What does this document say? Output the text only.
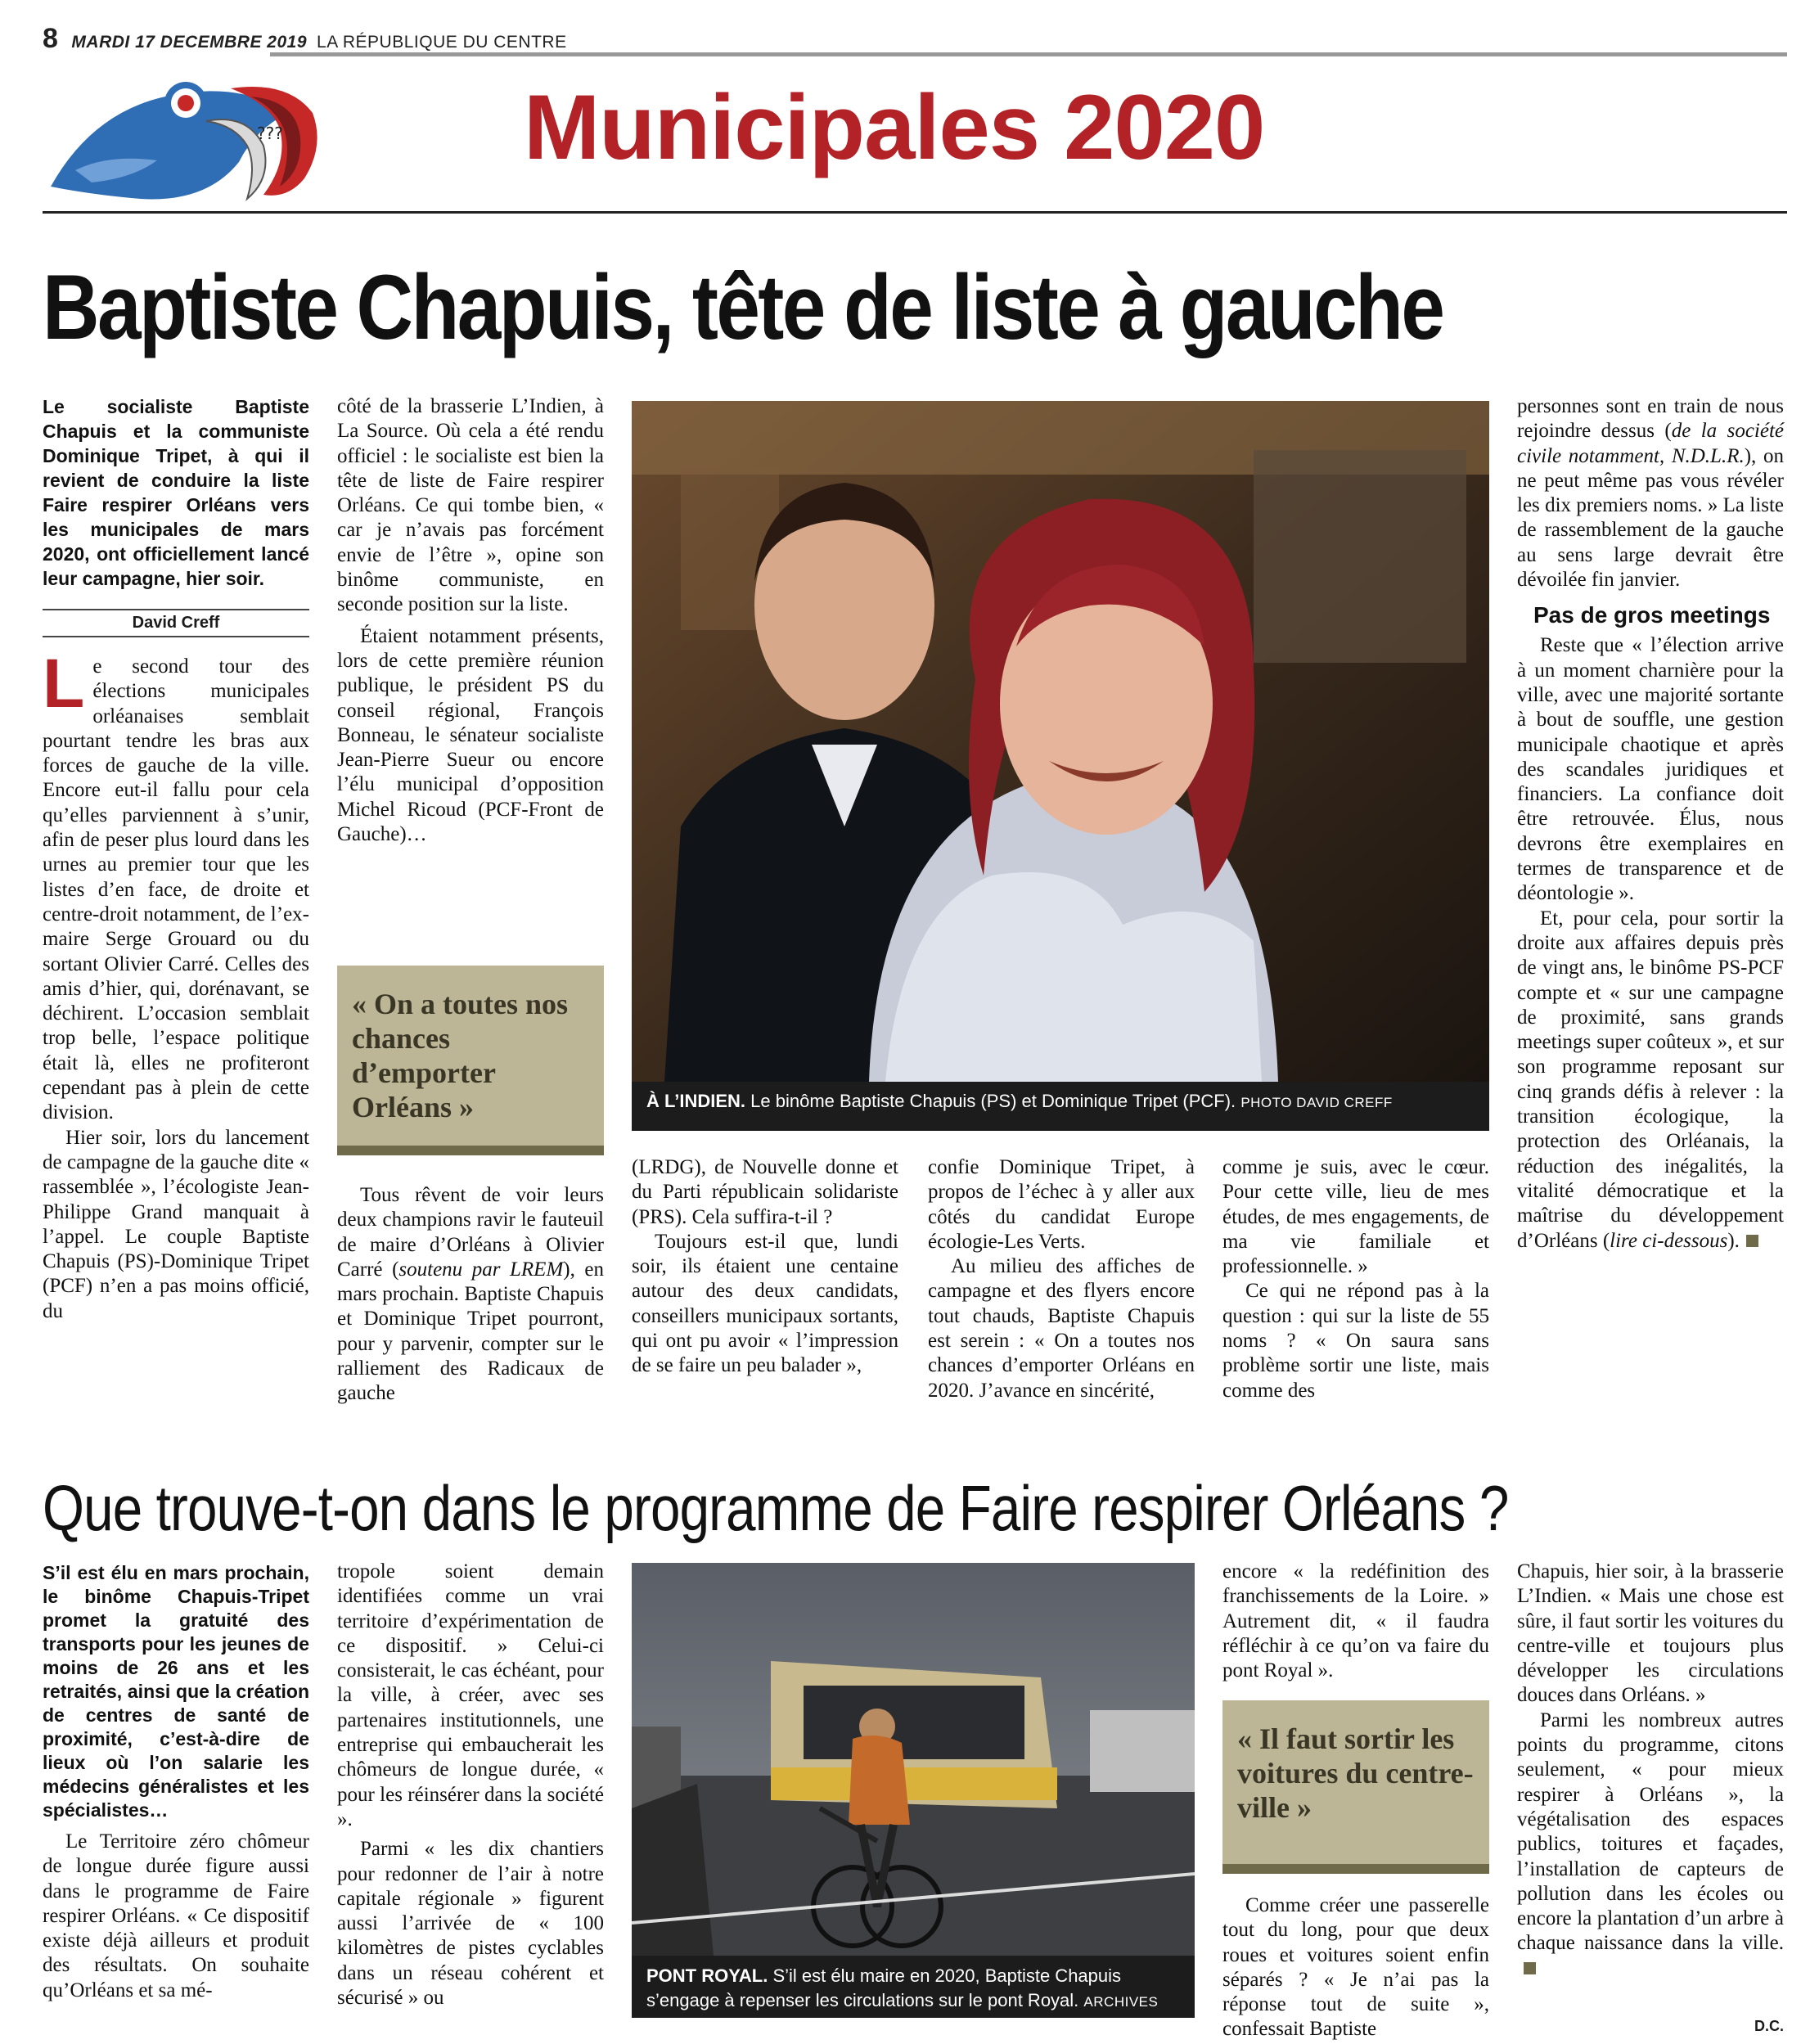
8 MARDI 17 DECEMBRE 2019 LA RÉPUBLIQUE DU CENTRE
???	Municipales 2020
Baptiste Chapuis, tête de liste à gauche
Le socialiste Baptiste Chapuis et la communiste Dominique Tripet, à qui il revient de conduire la liste Faire respirer Orléans vers les municipales de mars 2020, ont officiellement lancé leur campagne, hier soir.
David Creff

Le second tour des élections municipales orléanaises semblait pourtant tendre les bras aux forces de gauche de la ville. Encore eut-il fallu pour cela qu’elles parviennent à s’unir, afin de peser plus lourd dans les urnes au premier tour que les listes d’en face, de droite et centre-droit notamment, de l’ex-maire Serge Grouard ou du sortant Olivier Carré. Celles des amis d’hier, qui, dorénavant, se déchirent. L’occasion semblait trop belle, l’espace politique était là, elles ne profiteront cependant pas à plein de cette division.

Hier soir, lors du lancement de campagne de la gauche dite « rassemblée », l’écologiste Jean-Philippe Grand manquait à l’appel. Le couple Baptiste Chapuis (PS)-Dominique Tripet (PCF) n’en a pas moins officié, du

côté de la brasserie L’Indien, à La Source. Où cela a été rendu officiel : le socialiste est bien la tête de liste de Faire respirer Orléans. Ce qui tombe bien, « car je n’avais pas forcément envie de l’être », opine son binôme communiste, en seconde position sur la liste.

Étaient notamment présents, lors de cette première réunion publique, le président PS du conseil régional, François Bonneau, le sénateur socialiste Jean-Pierre Sueur ou encore l’élu municipal d’opposition Michel Ricoud (PCF-Front de Gauche)…

« On a toutes nos chances d’emporter Orléans »

Tous rêvent de voir leurs deux champions ravir le fauteuil de maire d’Orléans à Olivier Carré (soutenu par LREM), en mars prochain. Baptiste Chapuis et Dominique Tripet pourront, pour y parvenir, compter sur le ralliement des Radicaux de gauche

À L’INDIEN. Le binôme Baptiste Chapuis (PS) et Dominique Tripet (PCF). PHOTO DAVID CREFF

(LRDG), de Nouvelle donne et du Parti républicain solidariste (PRS). Cela suffira-t-il ?

Toujours est-il que, lundi soir, ils étaient une centaine autour des deux candidats, conseillers municipaux sortants, qui ont pu avoir « l’impression de se faire un peu balader »,

confie Dominique Tripet, à propos de l’échec à y aller aux côtés du candidat Europe écologie-Les Verts.

Au milieu des affiches de campagne et des flyers encore tout chauds, Baptiste Chapuis est serein : « On a toutes nos chances d’emporter Orléans en 2020. J’avance en sincérité,

comme je suis, avec le cœur. Pour cette ville, lieu de mes études, de mes engagements, de ma vie familiale et professionnelle. »

Ce qui ne répond pas à la question : qui sur la liste de 55 noms ? « On saura sans problème sortir une liste, mais comme des

personnes sont en train de nous rejoindre dessus (de la société civile notamment, N.D.L.R.), on ne peut même pas vous révéler les dix premiers noms. » La liste de rassemblement de la gauche au sens large devrait être dévoilée fin janvier.

Pas de gros meetings

Reste que « l’élection arrive à un moment charnière pour la ville, avec une majorité sortante à bout de souffle, une gestion municipale chaotique et après des scandales juridiques et financiers. La confiance doit être retrouvée. Élus, nous devrons être exemplaires en termes de transparence et de déontologie ».

Et, pour cela, pour sortir la droite aux affaires depuis près de vingt ans, le binôme PS-PCF compte et « sur une campagne de proximité, sans grands meetings super coûteux », et sur son programme reposant sur cinq grands défis à relever : la transition écologique, la protection des Orléanais, la réduction des inégalités, la vitalité démocratique et la maîtrise du développement d’Orléans (lire ci-dessous).

Que trouve-t-on dans le programme de Faire respirer Orléans ?
S’il est élu en mars prochain, le binôme Chapuis-Tripet promet la gratuité des transports pour les jeunes de moins de 26 ans et les retraités, ainsi que la création de centres de santé de proximité, c’est-à-dire de lieux où l’on salarie les médecins généralistes et les spécialistes…

Le Territoire zéro chômeur de longue durée figure aussi dans le programme de Faire respirer Orléans. « Ce dispositif existe déjà ailleurs et produit des résultats. On souhaite qu’Orléans et sa mé-

tropole soient demain identifiées comme un vrai territoire d’expérimentation de ce dispositif. » Celui-ci consisterait, le cas échéant, pour la ville, à créer, avec ses partenaires institutionnels, une entreprise qui embaucherait les chômeurs de longue durée, « pour les réinsérer dans la société ».

Parmi « les dix chantiers pour redonner de l’air à notre capitale régionale » figurent aussi l’arrivée de « 100 kilomètres de pistes cyclables dans un réseau cohérent et sécurisé » ou

PONT ROYAL. S’il est élu maire en 2020, Baptiste Chapuis s’engage à repenser les circulations sur le pont Royal. ARCHIVES

encore « la redéfinition des franchissements de la Loire. » Autrement dit, « il faudra réfléchir à ce qu’on va faire du pont Royal ».

« Il faut sortir les voitures du centre-ville »

Comme créer une passerelle tout du long, pour que deux roues et voitures soient enfin séparés ? « Je n’ai pas la réponse tout de suite », confessait Baptiste

Chapuis, hier soir, à la brasserie L’Indien. « Mais une chose est sûre, il faut sortir les voitures du centre-ville et toujours plus développer les circulations douces dans Orléans. »

Parmi les nombreux autres points du programme, citons seulement, « pour mieux respirer à Orléans », la végétalisation des espaces publics, toitures et façades, l’installation de capteurs de pollution dans les écoles ou encore la plantation d’un arbre à chaque naissance dans la ville.

D.C.
